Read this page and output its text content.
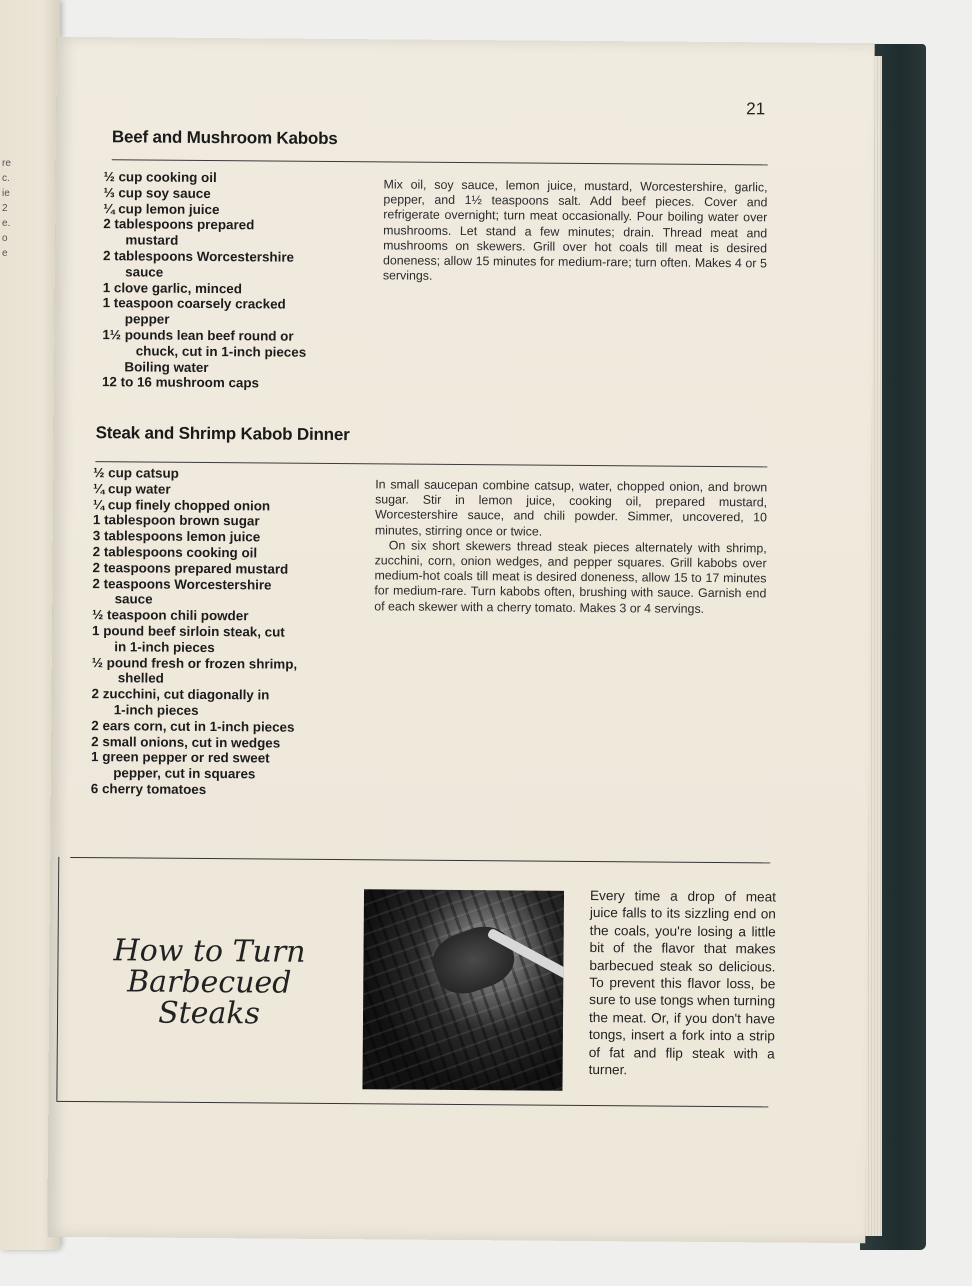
re
c.
ie
2
e.
o
e
21
Beef and Mushroom Kabobs
½ cup cooking oil
⅓ cup soy sauce
¼ cup lemon juice
2 tablespoons prepared
mustard
2 tablespoons Worcestershire
sauce
1 clove garlic, minced
1 teaspoon coarsely cracked
pepper
1½ pounds lean beef round or
chuck, cut in 1-inch pieces

Boiling water
12 to 16 mushroom caps

Mix oil, soy sauce, lemon juice, mustard, Worcestershire, garlic, pepper, and 1½ teaspoons salt. Add beef pieces. Cover and refrigerate overnight; turn meat occasionally. Pour boiling water over mushrooms. Let stand a few minutes; drain. Thread meat and mushrooms on skewers. Grill over hot coals till meat is desired doneness; allow 15 minutes for medium-rare; turn often. Makes 4 or 5 servings.

Steak and Shrimp Kabob Dinner
½ cup catsup
¼ cup water
¼ cup finely chopped onion
1 tablespoon brown sugar
3 tablespoons lemon juice
2 tablespoons cooking oil
2 teaspoons prepared mustard
2 teaspoons Worcestershire
sauce
½ teaspoon chili powder
1 pound beef sirloin steak, cut
in 1-inch pieces
½ pound fresh or frozen shrimp,
shelled
2 zucchini, cut diagonally in
1-inch pieces
2 ears corn, cut in 1-inch pieces
2 small onions, cut in wedges
1 green pepper or red sweet
pepper, cut in squares
6 cherry tomatoes

In small saucepan combine catsup, water, chopped onion, and brown sugar. Stir in lemon juice, cooking oil, prepared mustard, Worcestershire sauce, and chili powder. Simmer, uncovered, 10 minutes, stirring once or twice.

On six short skewers thread steak pieces alternately with shrimp, zucchini, corn, onion wedges, and pepper squares. Grill kabobs over medium-hot coals till meat is desired doneness, allow 15 to 17 minutes for medium-rare. Turn kabobs often, brushing with sauce. Garnish end of each skewer with a cherry tomato. Makes 3 or 4 servings.

How to Turn Barbecued Steaks
Every time a drop of meat juice falls to its sizzling end on the coals, you're losing a little bit of the flavor that makes barbecued steak so delicious. To prevent this flavor loss, be sure to use tongs when turning the meat. Or, if you don't have tongs, insert a fork into a strip of fat and flip steak with a turner.
